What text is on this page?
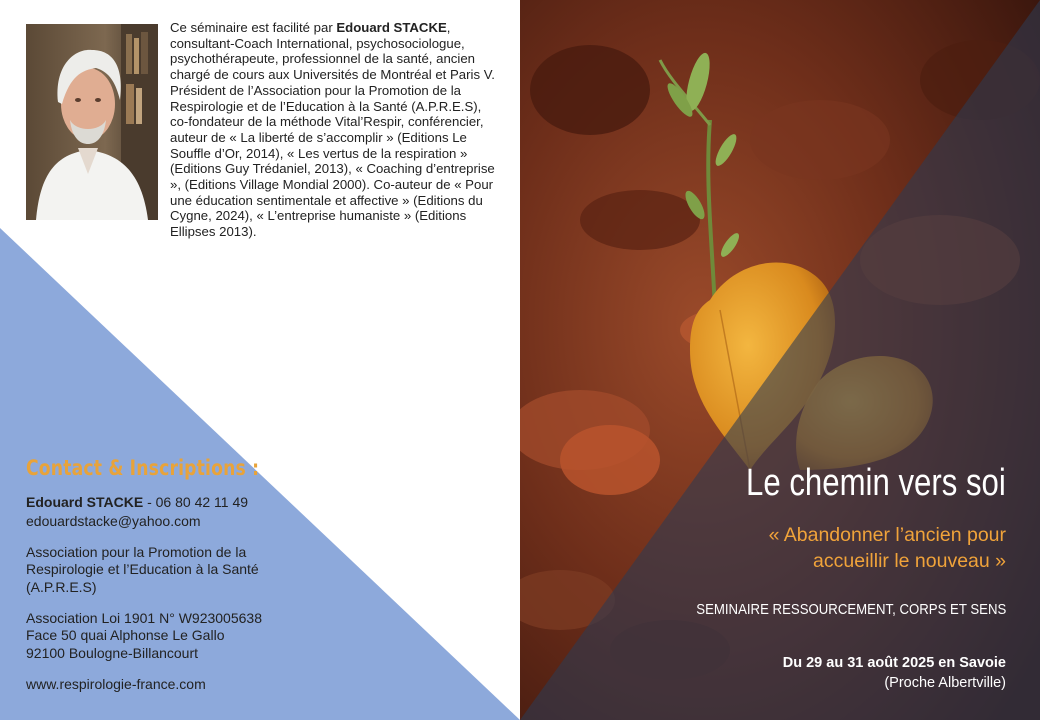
Ce séminaire est facilité par Edouard STACKE, consultant-Coach International, psychosociologue, psychothérapeute, professionnel de la santé, ancien chargé de cours aux Universités de Montréal et Paris V. Président de l’Association pour la Promotion de la Respirologie et de l’Education à la Santé (A.P.R.E.S), co-fondateur de la méthode Vital’Respir, conférencier, auteur de « La liberté de s’accomplir » (Editions Le Souffle d’Or, 2014), « Les vertus de la respiration » (Editions Guy Trédaniel, 2013), « Coaching d’entreprise », (Editions Village Mondial 2000). Co-auteur de « Pour une éducation sentimentale et affective » (Editions du Cygne, 2024), « L’entreprise humaniste » (Editions Ellipses 2013).
Contact & Inscriptions :
Edouard STACKE - 06 80 42 11 49
edouardstacke@yahoo.com
Association pour la Promotion de la
Respirologie et l’Education à la Santé
(A.P.R.E.S)
Association Loi 1901 N° W923005638
Face 50 quai Alphonse Le Gallo
92100 Boulogne-Billancourt
www.respirologie-france.com
Le chemin vers soi
« Abandonner l’ancien pour
accueillir le nouveau »
SEMINAIRE RESSOURCEMENT, CORPS ET SENS
Du 29 au 31 août 2025 en Savoie
(Proche Albertville)
